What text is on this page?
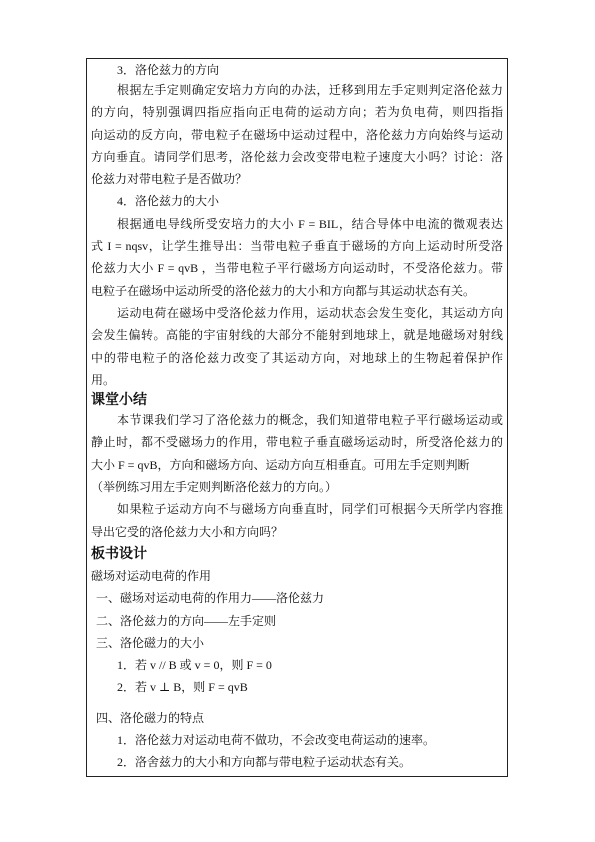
3．洛伦兹力的方向
根据左手定则确定安培力方向的办法，迁移到用左手定则判定洛伦兹力
的方向，特别强调四指应指向正电荷的运动方向；若为负电荷，则四指指
向运动的反方向，带电粒子在磁场中运动过程中，洛伦兹力方向始终与运动
方向垂直。请同学们思考，洛伦兹力会改变带电粒子速度大小吗？讨论：洛
伦兹力对带电粒子是否做功？
4．洛伦兹力的大小
根据通电导线所受安培力的大小 F = BIL，结合导体中电流的微观表达
式 I = nqsv，让学生推导出：当带电粒子垂直于磁场的方向上运动时所受洛
伦兹力大小 F = qvB ，当带电粒子平行磁场方向运动时，不受洛伦兹力。带
电粒子在磁场中运动所受的洛伦兹力的大小和方向都与其运动状态有关。
运动电荷在磁场中受洛伦兹力作用，运动状态会发生变化，其运动方向
会发生偏转。高能的宇宙射线的大部分不能射到地球上，就是地磁场对射线
中的带电粒子的洛伦兹力改变了其运动方向，对地球上的生物起着保护作
用。
课堂小结
本节课我们学习了洛伦兹力的概念，我们知道带电粒子平行磁场运动或
静止时，都不受磁场力的作用，带电粒子垂直磁场运动时，所受洛伦兹力的
大小 F = qvB，方向和磁场方向、运动方向互相垂直。可用左手定则判断
（举例练习用左手定则判断洛伦兹力的方向。）
如果粒子运动方向不与磁场方向垂直时，同学们可根据今天所学内容推
导出它受的洛伦兹力大小和方向吗？
板书设计
磁场对运动电荷的作用
一、磁场对运动电荷的作用力——洛伦兹力
二、洛伦兹力的方向——左手定则
三、洛伦磁力的大小
1．若 v // B 或 v = 0，则 F = 0
2．若 v ⊥ B，则 F = qvB
四、洛伦磁力的特点
1．洛伦兹力对运动电荷不做功，不会改变电荷运动的速率。
2．洛舍兹力的大小和方向都与带电粒子运动状态有关。
